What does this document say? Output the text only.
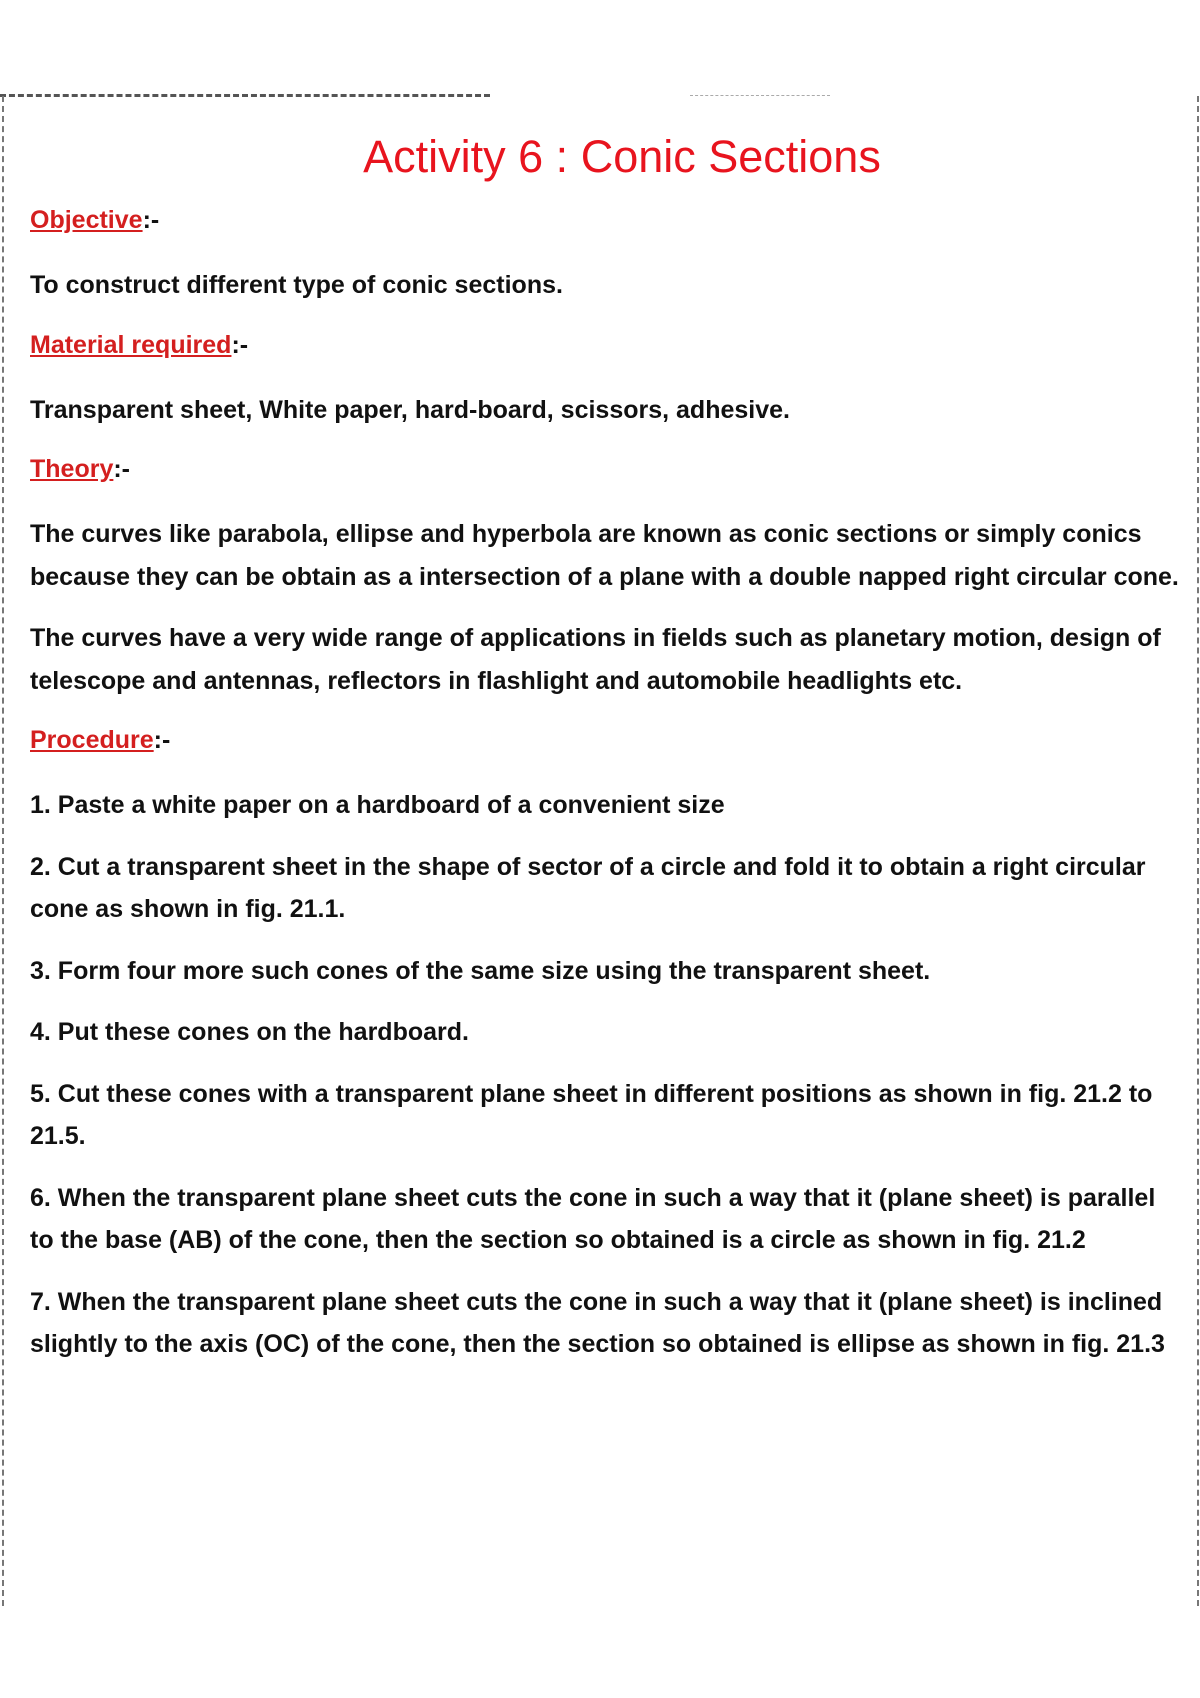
Activity 6 : Conic Sections
Objective:-

To construct different type of conic sections.

Material required:-

Transparent sheet, White paper, hard-board, scissors, adhesive.

Theory:-

The curves like parabola, ellipse and hyperbola are known as conic sections or simply conics because they can be obtain as a intersection of a plane with a double napped right circular cone.

The curves have a very wide range of applications in fields such as planetary motion, design of telescope and antennas, reflectors in flashlight and automobile headlights etc.

Procedure:-

1. Paste a white paper on a hardboard of a convenient size

2. Cut a transparent sheet in the shape of sector of a circle and fold it to obtain a right circular cone as shown in fig. 21.1.

3. Form four more such cones of the same size using the transparent sheet.

4. Put these cones on the hardboard.

5. Cut these cones with a transparent plane sheet in different positions as shown in fig. 21.2 to 21.5.

6. When the transparent plane sheet cuts the cone in such a way that it (plane sheet) is parallel to the base (AB) of the cone, then the section so obtained is a circle as shown in fig. 21.2

7. When the transparent plane sheet cuts the cone in such a way that it (plane sheet) is inclined slightly to the axis (OC) of the cone, then the section so obtained is ellipse as shown in fig. 21.3
